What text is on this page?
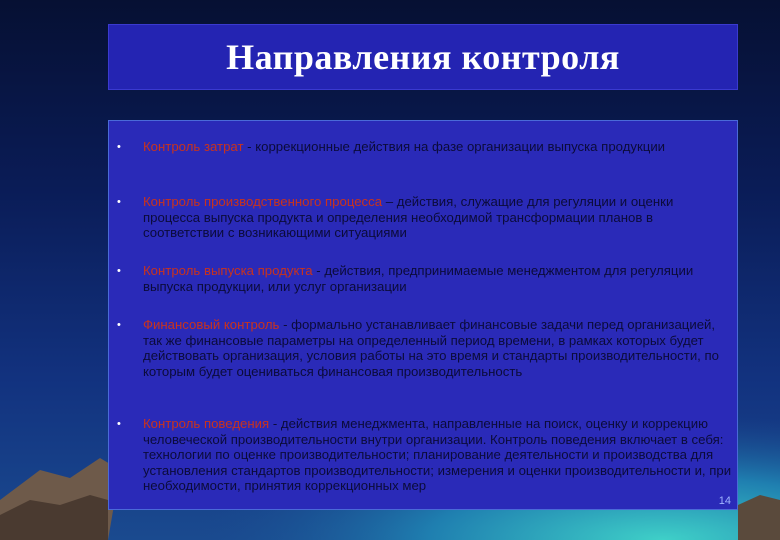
Направления контроля
• Контроль затрат - коррекционные действия на фазе организации выпуска продукции
• Контроль производственного процесса – действия, служащие для регуляции и оценки процесса выпуска продукта и определения необходимой трансформации планов в соответствии с возникающими ситуациями
• Контроль выпуска продукта - действия, предпринимаемые менеджментом для регуляции выпуска продукции, или услуг организации
• Финансовый контроль - формально устанавливает финансовые задачи перед организацией, так же финансовые параметры на определенный период времени, в рамках которых будет действовать организация, условия работы на это время и стандарты производительности, по которым будет оцениваться финансовая производительность
• Контроль поведения - действия менеджмента, направленные на поиск, оценку и коррекцию человеческой производительности внутри организации. Контроль поведения включает в себя: технологии по оценке производительности; планирование деятельности и производства для установления стандартов производительности; измерения и оценки производительности и, при необходимости, принятия коррекционных мер
14
